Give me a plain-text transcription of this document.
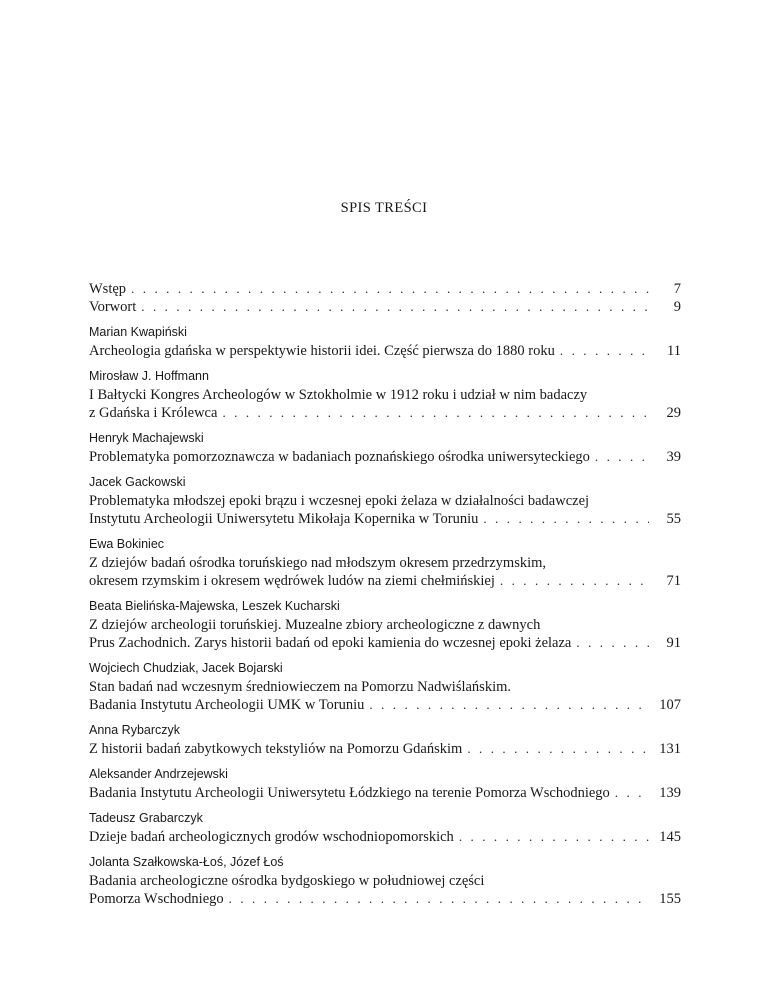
SPIS TREŚCI
Wstęp . . .	7
Vorwort . . .	9
Marian Kwapiński
Archeologia gdańska w perspektywie historii idei. Część pierwsza do 1880 roku . . .	11
Mirosław J. Hoffmann
I Bałtycki Kongres Archeologów w Sztokholmie w 1912 roku i udział w nim badaczy
z Gdańska i Królewca . . .	29
Henryk Machajewski
Problematyka pomorzoznawcza w badaniach poznańskiego ośrodka uniwersyteckiego . . .	39
Jacek Gackowski
Problematyka młodszej epoki brązu i wczesnej epoki żelaza w działalności badawczej
Instytutu Archeologii Uniwersytetu Mikołaja Kopernika w Toruniu . . .	55
Ewa Bokiniec
Z dziejów badań ośrodka toruńskiego nad młodszym okresem przedrzymskim,
okresem rzymskim i okresem wędrówek ludów na ziemi chełmińskiej . . .	71
Beata Bielińska-Majewska, Leszek Kucharski
Z dziejów archeologii toruńskiej. Muzealne zbiory archeologiczne z dawnych
Prus Zachodnich. Zarys historii badań od epoki kamienia do wczesnej epoki żelaza . . .	91
Wojciech Chudziak, Jacek Bojarski
Stan badań nad wczesnym średniowieczem na Pomorzu Nadwiślańskim.
Badania Instytutu Archeologii UMK w Toruniu . . .	107
Anna Rybarczyk
Z historii badań zabytkowych tekstyliów na Pomorzu Gdańskim . . .	131
Aleksander Andrzejewski
Badania Instytutu Archeologii Uniwersytetu Łódzkiego na terenie Pomorza Wschodniego . . .	139
Tadeusz Grabarczyk
Dzieje badań archeologicznych grodów wschodniopomorskich . . .	145
Jolanta Szałkowska-Łoś, Józef Łoś
Badania archeologiczne ośrodka bydgoskiego w południowej części
Pomorza Wschodniego . . .	155
